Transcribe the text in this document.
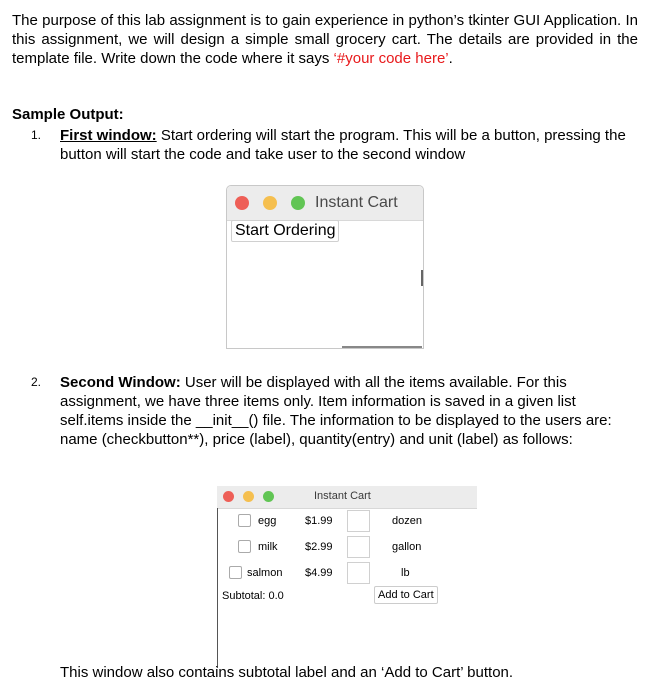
The purpose of this lab assignment is to gain experience in python’s tkinter GUI Application. In this assignment, we will design a simple small grocery cart. The details are provided in the template file. Write down the code where it says ‘#your code here’.
Sample Output:
1. First window: Start ordering will start the program. This will be a button, pressing the button will start the code and take user to the second window
Instant Cart
Start Ordering
2. Second Window: User will be displayed with all the items available. For this assignment, we have three items only. Item information is saved in a given list self.items inside the __init__() file. The information to be displayed to the users are: name (checkbutton**), price (label), quantity(entry) and unit (label) as follows:
Instant Cart
egg	$1.99	dozen
milk $2.99	gallon
salmon $4.99	lb
Subtotal: 0.0	Add to Cart
This window also contains subtotal label and an ‘Add to Cart’ button.
